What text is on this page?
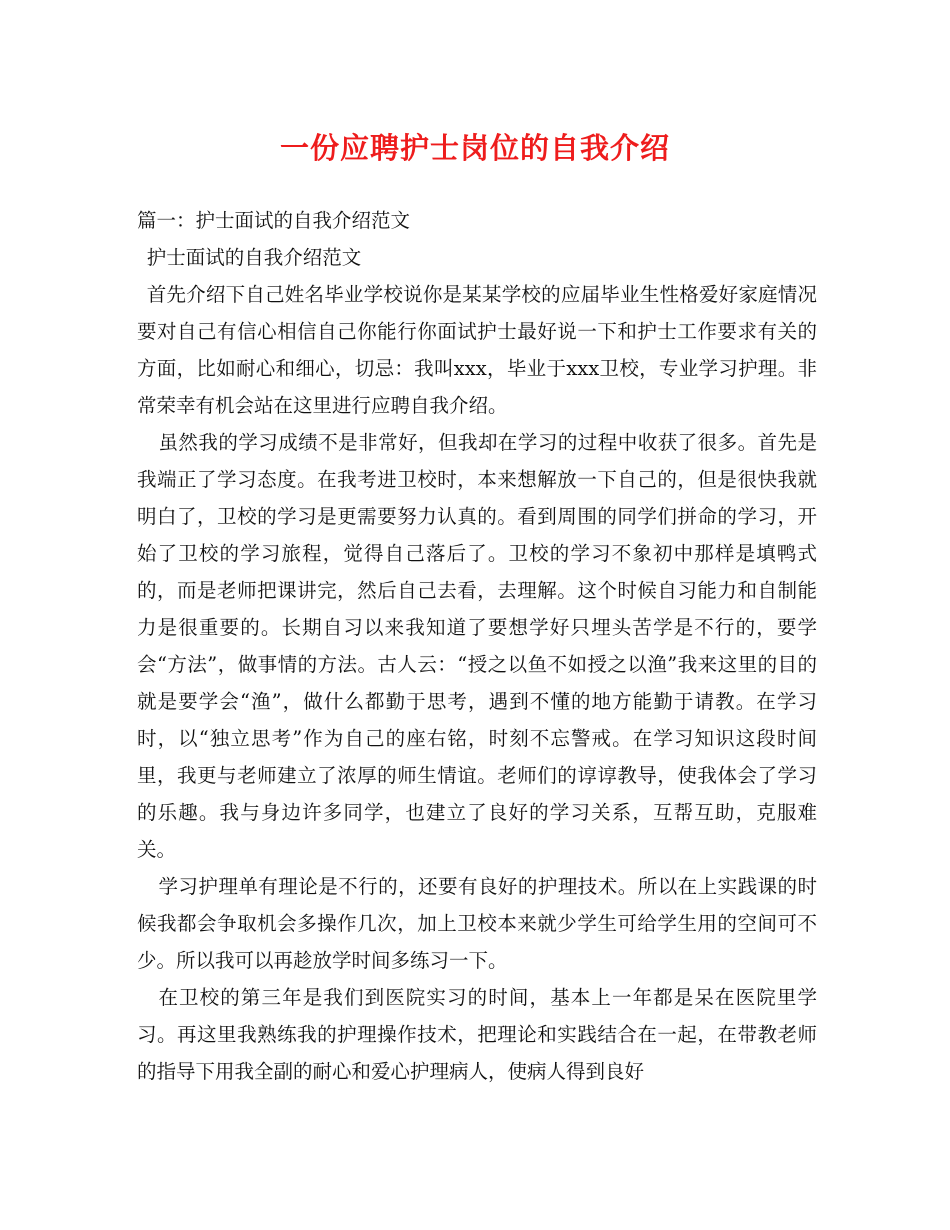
一份应聘护士岗位的自我介绍

篇一：护士面试的自我介绍范文

护士面试的自我介绍范文

首先介绍下自己姓名毕业学校说你是某某学校的应届毕业生性格爱好家庭情况要对自己有信心相信自己你能行你面试护士最好说一下和护士工作要求有关的方面，比如耐心和细心，切忌：我叫xxx，毕业于xxx卫校，专业学习护理。非常荣幸有机会站在这里进行应聘自我介绍。

虽然我的学习成绩不是非常好，但我却在学习的过程中收获了很多。首先是我端正了学习态度。在我考进卫校时，本来想解放一下自己的，但是很快我就明白了，卫校的学习是更需要努力认真的。看到周围的同学们拼命的学习，开始了卫校的学习旅程，觉得自己落后了。卫校的学习不象初中那样是填鸭式的，而是老师把课讲完，然后自己去看，去理解。这个时候自习能力和自制能力是很重要的。长期自习以来我知道了要想学好只埋头苦学是不行的，要学会“方法”，做事情的方法。古人云：“授之以鱼不如授之以渔”我来这里的目的就是要学会“渔”，做什么都勤于思考，遇到不懂的地方能勤于请教。在学习时，以“独立思考”作为自己的座右铭，时刻不忘警戒。在学习知识这段时间里，我更与老师建立了浓厚的师生情谊。老师们的谆谆教导，使我体会了学习的乐趣。我与身边许多同学，也建立了良好的学习关系，互帮互助，克服难关。

学习护理单有理论是不行的，还要有良好的护理技术。所以在上实践课的时候我都会争取机会多操作几次，加上卫校本来就少学生可给学生用的空间可不少。所以我可以再趁放学时间多练习一下。

在卫校的第三年是我们到医院实习的时间，基本上一年都是呆在医院里学习。再这里我熟练我的护理操作技术，把理论和实践结合在一起，在带教老师的指导下用我全副的耐心和爱心护理病人，使病人得到良好
